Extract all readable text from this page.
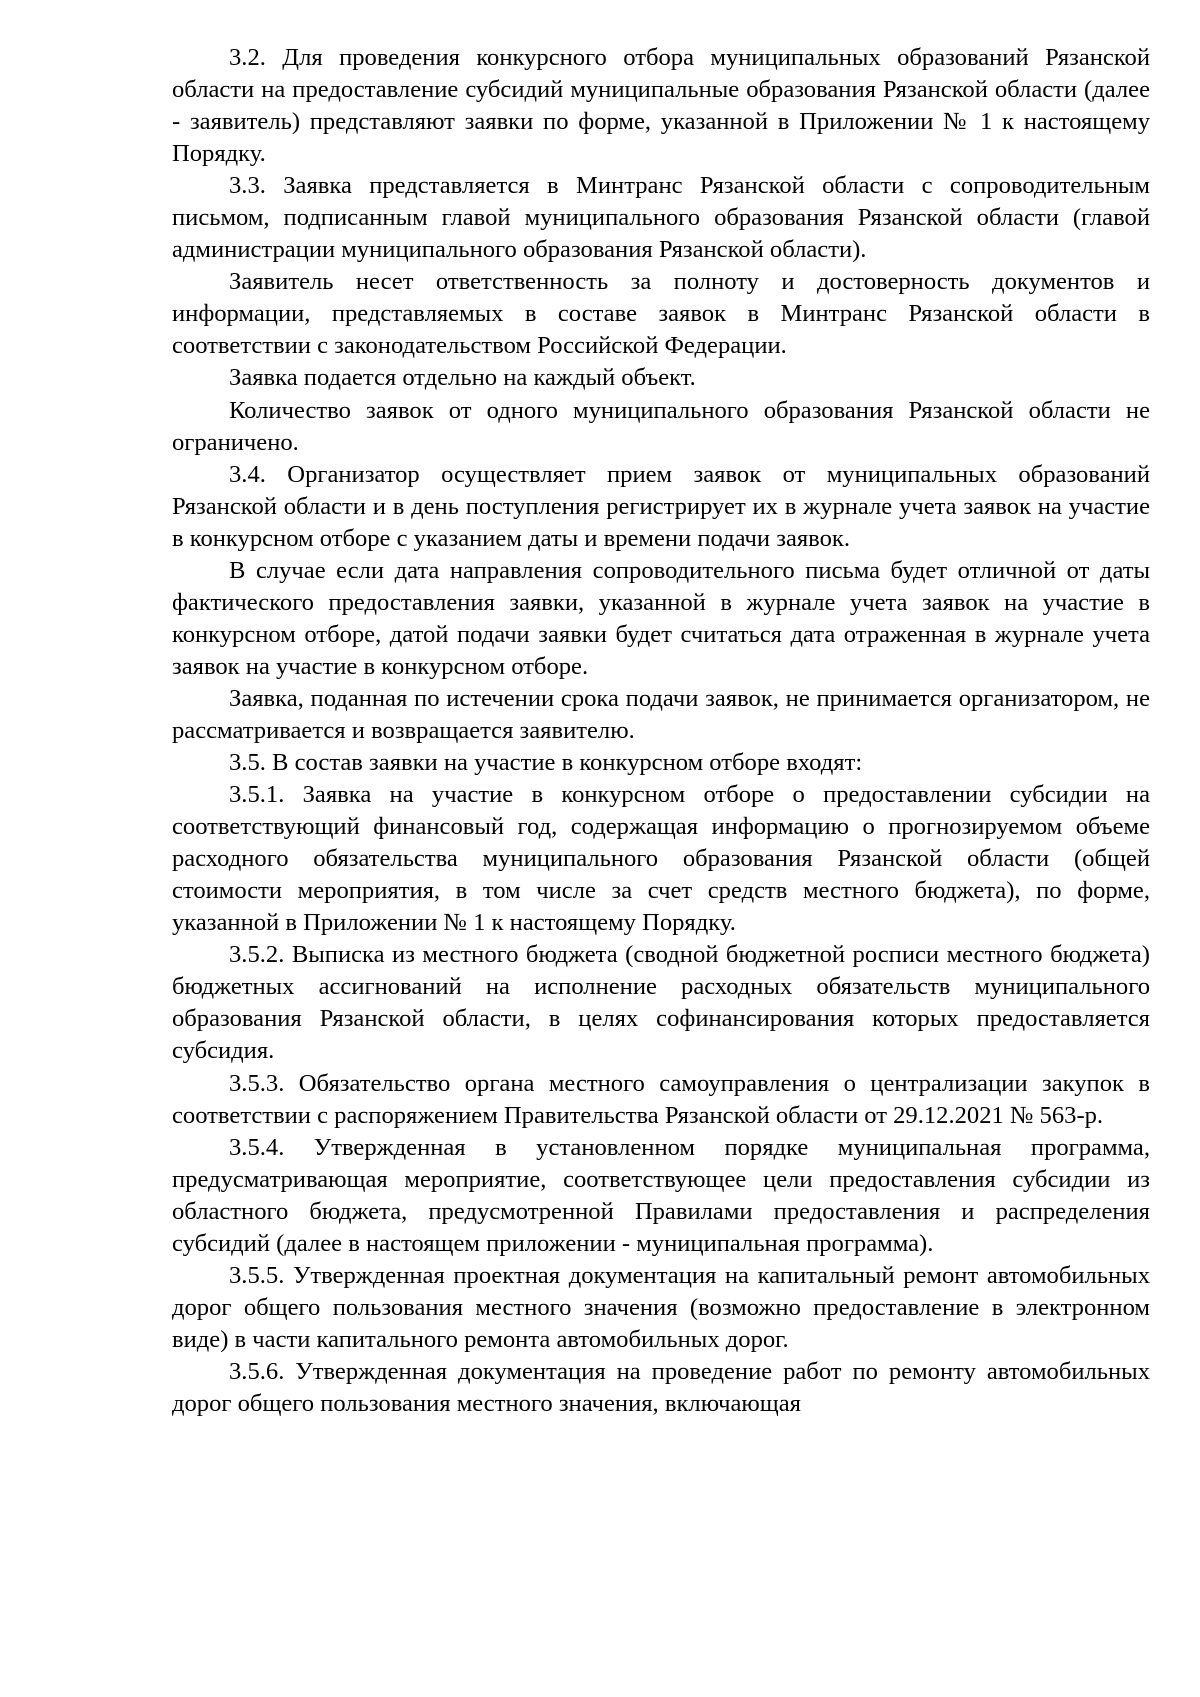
3.2. Для проведения конкурсного отбора муниципальных образований Рязанской области на предоставление субсидий муниципальные образования Рязанской области (далее - заявитель) представляют заявки по форме, указанной в Приложении № 1 к настоящему Порядку.

3.3. Заявка представляется в Минтранс Рязанской области с сопроводительным письмом, подписанным главой муниципального образования Рязанской области (главой администрации муниципального образования Рязанской области).

Заявитель несет ответственность за полноту и достоверность документов и информации, представляемых в составе заявок в Минтранс Рязанской области в соответствии с законодательством Российской Федерации.

Заявка подается отдельно на каждый объект.

Количество заявок от одного муниципального образования Рязанской области не ограничено.

3.4. Организатор осуществляет прием заявок от муниципальных образований Рязанской области и в день поступления регистрирует их в журнале учета заявок на участие в конкурсном отборе с указанием даты и времени подачи заявок.

В случае если дата направления сопроводительного письма будет отличной от даты фактического предоставления заявки, указанной в журнале учета заявок на участие в конкурсном отборе, датой подачи заявки будет считаться дата отраженная в журнале учета заявок на участие в конкурсном отборе.

Заявка, поданная по истечении срока подачи заявок, не принимается организатором, не рассматривается и возвращается заявителю.

3.5. В состав заявки на участие в конкурсном отборе входят:

3.5.1. Заявка на участие в конкурсном отборе о предоставлении субсидии на соответствующий финансовый год, содержащая информацию о прогнозируемом объеме расходного обязательства муниципального образования Рязанской области (общей стоимости мероприятия, в том числе за счет средств местного бюджета), по форме, указанной в Приложении № 1 к настоящему Порядку.

3.5.2. Выписка из местного бюджета (сводной бюджетной росписи местного бюджета) бюджетных ассигнований на исполнение расходных обязательств муниципального образования Рязанской области, в целях софинансирования которых предоставляется субсидия.

3.5.3. Обязательство органа местного самоуправления о централизации закупок в соответствии с распоряжением Правительства Рязанской области от 29.12.2021 № 563-р.

3.5.4. Утвержденная в установленном порядке муниципальная программа, предусматривающая мероприятие, соответствующее цели предоставления субсидии из областного бюджета, предусмотренной Правилами предоставления и распределения субсидий (далее в настоящем приложении - муниципальная программа).

3.5.5. Утвержденная проектная документация на капитальный ремонт автомобильных дорог общего пользования местного значения (возможно предоставление в электронном виде) в части капитального ремонта автомобильных дорог.

3.5.6. Утвержденная документация на проведение работ по ремонту автомобильных дорог общего пользования местного значения, включающая
